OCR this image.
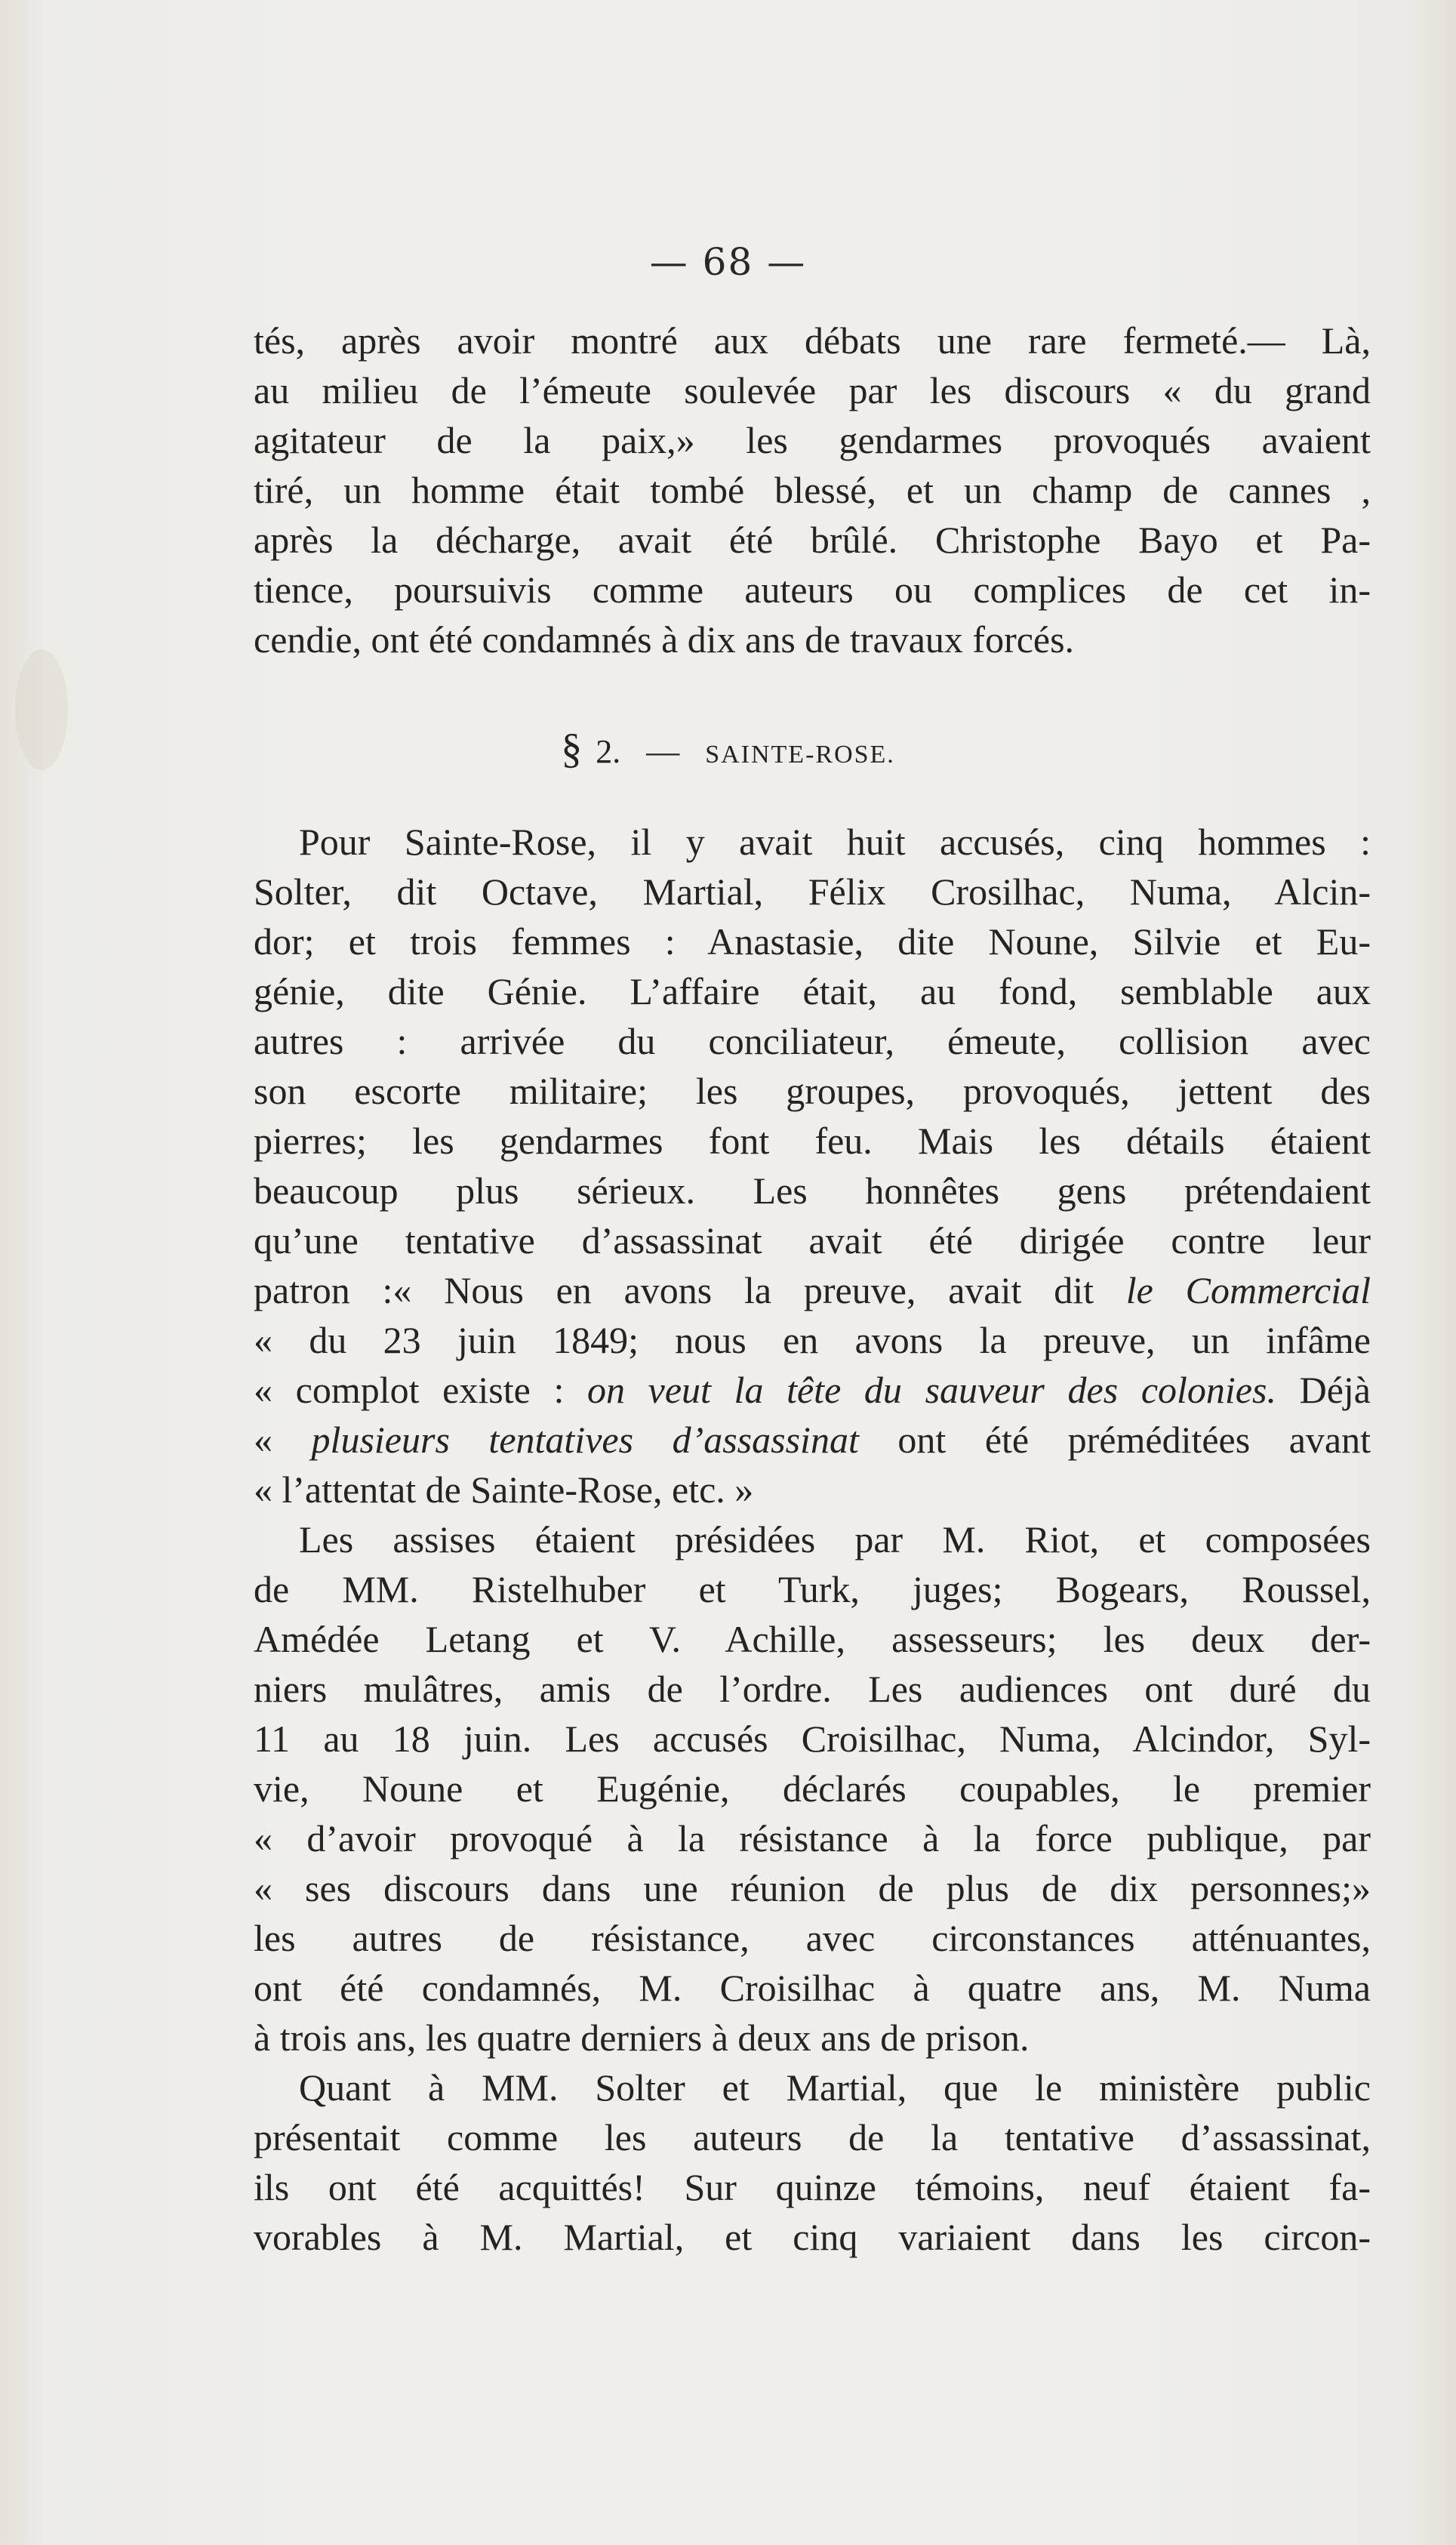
— 68 —
tés, après avoir montré aux débats une rare fermeté.— Là,
au milieu de l’émeute soulevée par les discours « du grand
agitateur de la paix,» les gendarmes provoqués avaient
tiré, un homme était tombé blessé, et un champ de cannes ,
après la décharge, avait été brûlé. Christophe Bayo et Pa-
tience, poursuivis comme auteurs ou complices de cet in-
cendie, ont été condamnés à dix ans de travaux forcés.
§ 2. — SAINTE-ROSE.
Pour Sainte-Rose, il y avait huit accusés, cinq hommes :
Solter, dit Octave, Martial, Félix Crosilhac, Numa, Alcin-
dor; et trois femmes : Anastasie, dite Noune, Silvie et Eu-
génie, dite Génie. L’affaire était, au fond, semblable aux
autres : arrivée du conciliateur, émeute, collision avec
son escorte militaire; les groupes, provoqués, jettent des
pierres; les gendarmes font feu. Mais les détails étaient
beaucoup plus sérieux. Les honnêtes gens prétendaient
qu’une tentative d’assassinat avait été dirigée contre leur
patron :« Nous en avons la preuve, avait dit le Commercial
« du 23 juin 1849; nous en avons la preuve, un infâme
« complot existe : on veut la tête du sauveur des colonies. Déjà
« plusieurs tentatives d’assassinat ont été préméditées avant
« l’attentat de Sainte-Rose, etc. »
Les assises étaient présidées par M. Riot, et composées
de MM. Ristelhuber et Turk, juges; Bogears, Roussel,
Amédée Letang et V. Achille, assesseurs; les deux der-
niers mulâtres, amis de l’ordre. Les audiences ont duré du
11 au 18 juin. Les accusés Croisilhac, Numa, Alcindor, Syl-
vie, Noune et Eugénie, déclarés coupables, le premier
« d’avoir provoqué à la résistance à la force publique, par
« ses discours dans une réunion de plus de dix personnes;»
les autres de résistance, avec circonstances atténuantes,
ont été condamnés, M. Croisilhac à quatre ans, M. Numa
à trois ans, les quatre derniers à deux ans de prison.
Quant à MM. Solter et Martial, que le ministère public
présentait comme les auteurs de la tentative d’assassinat,
ils ont été acquittés! Sur quinze témoins, neuf étaient fa-
vorables à M. Martial, et cinq variaient dans les circon-
